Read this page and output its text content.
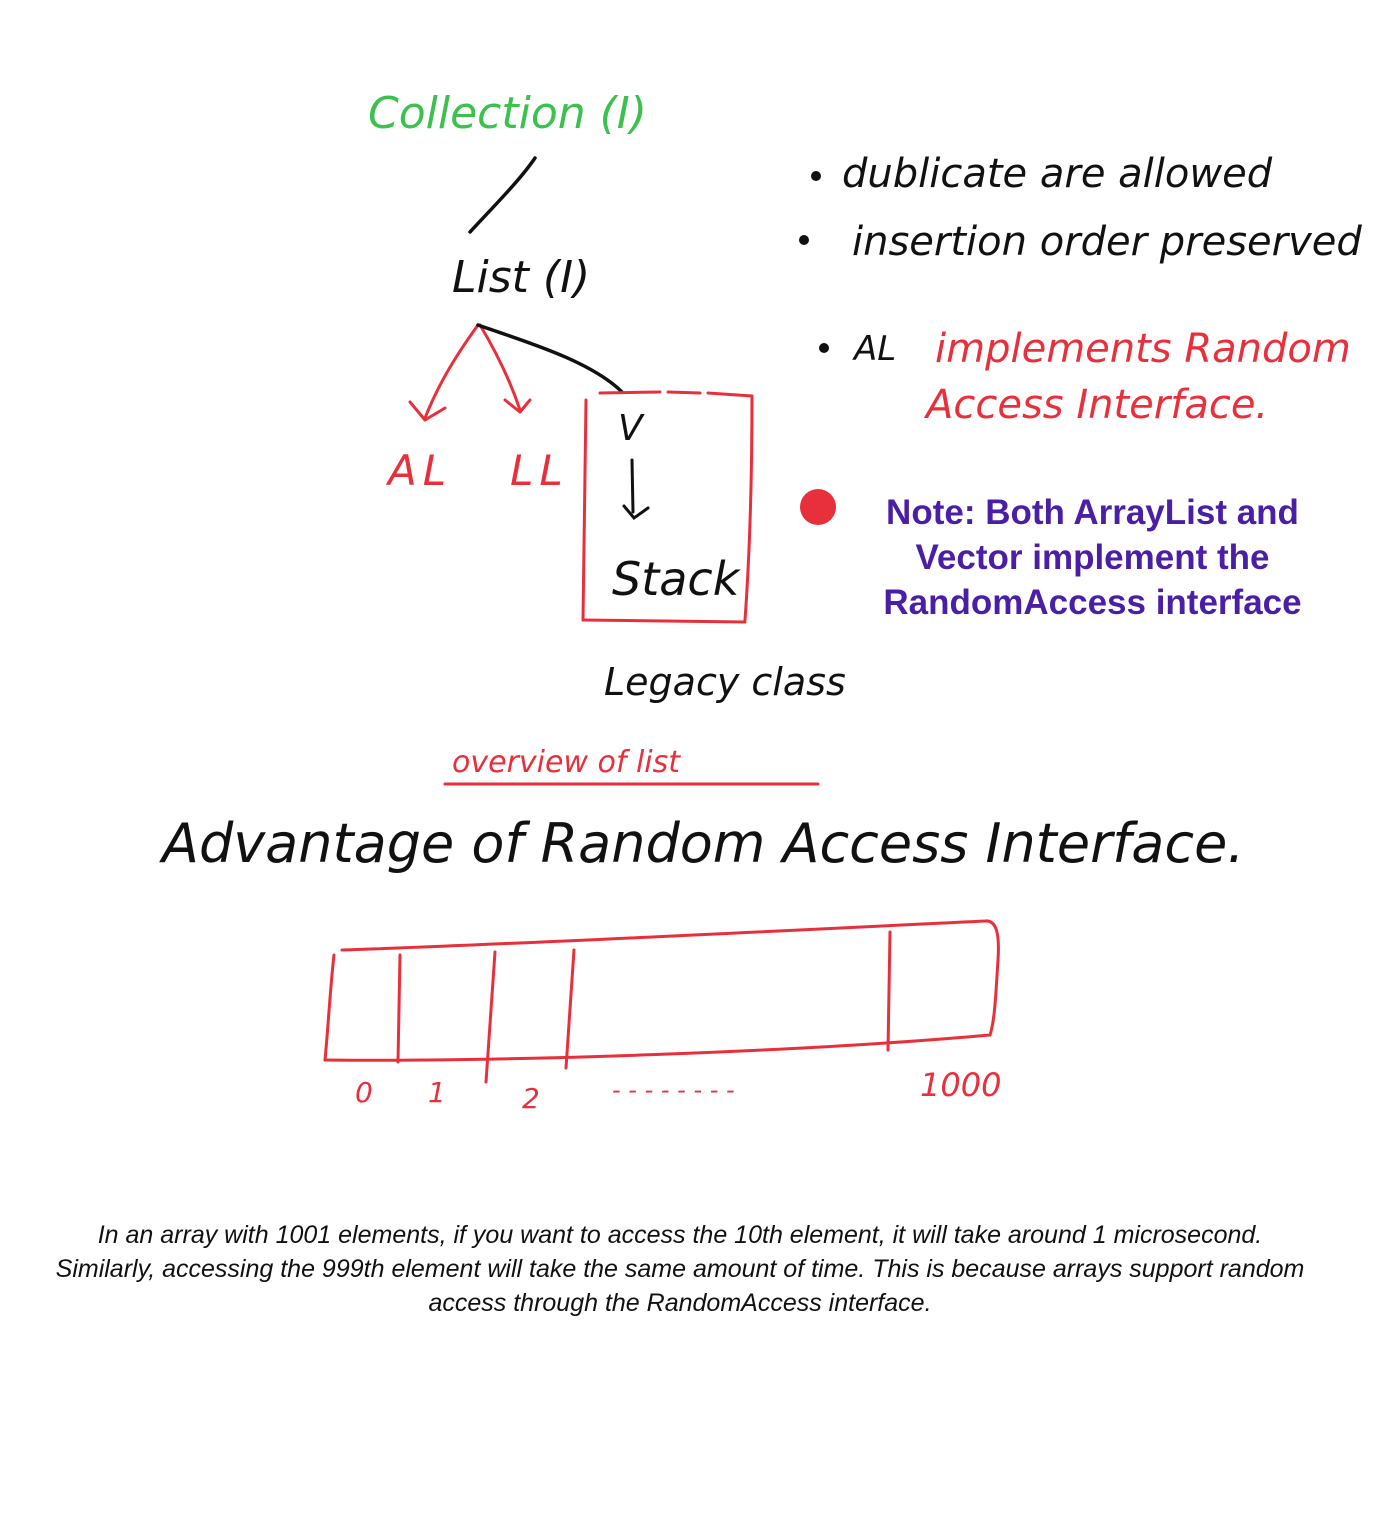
Collection (I)
List (I)
AL LL
V
Stack
Legacy class
overview of list
dublicate are allowed
insertion order preserved
AL implements Random
Access Interface.
Advantage of Random Access Interface.
0 1	2	- - - - - - - -	1000
Note: Both ArrayList and Vector implement the RandomAccess interface
In an array with 1001 elements, if you want to access the 10th element, it will take around 1 microsecond. Similarly, accessing the 999th element will take the same amount of time. This is because arrays support random access through the RandomAccess interface.
